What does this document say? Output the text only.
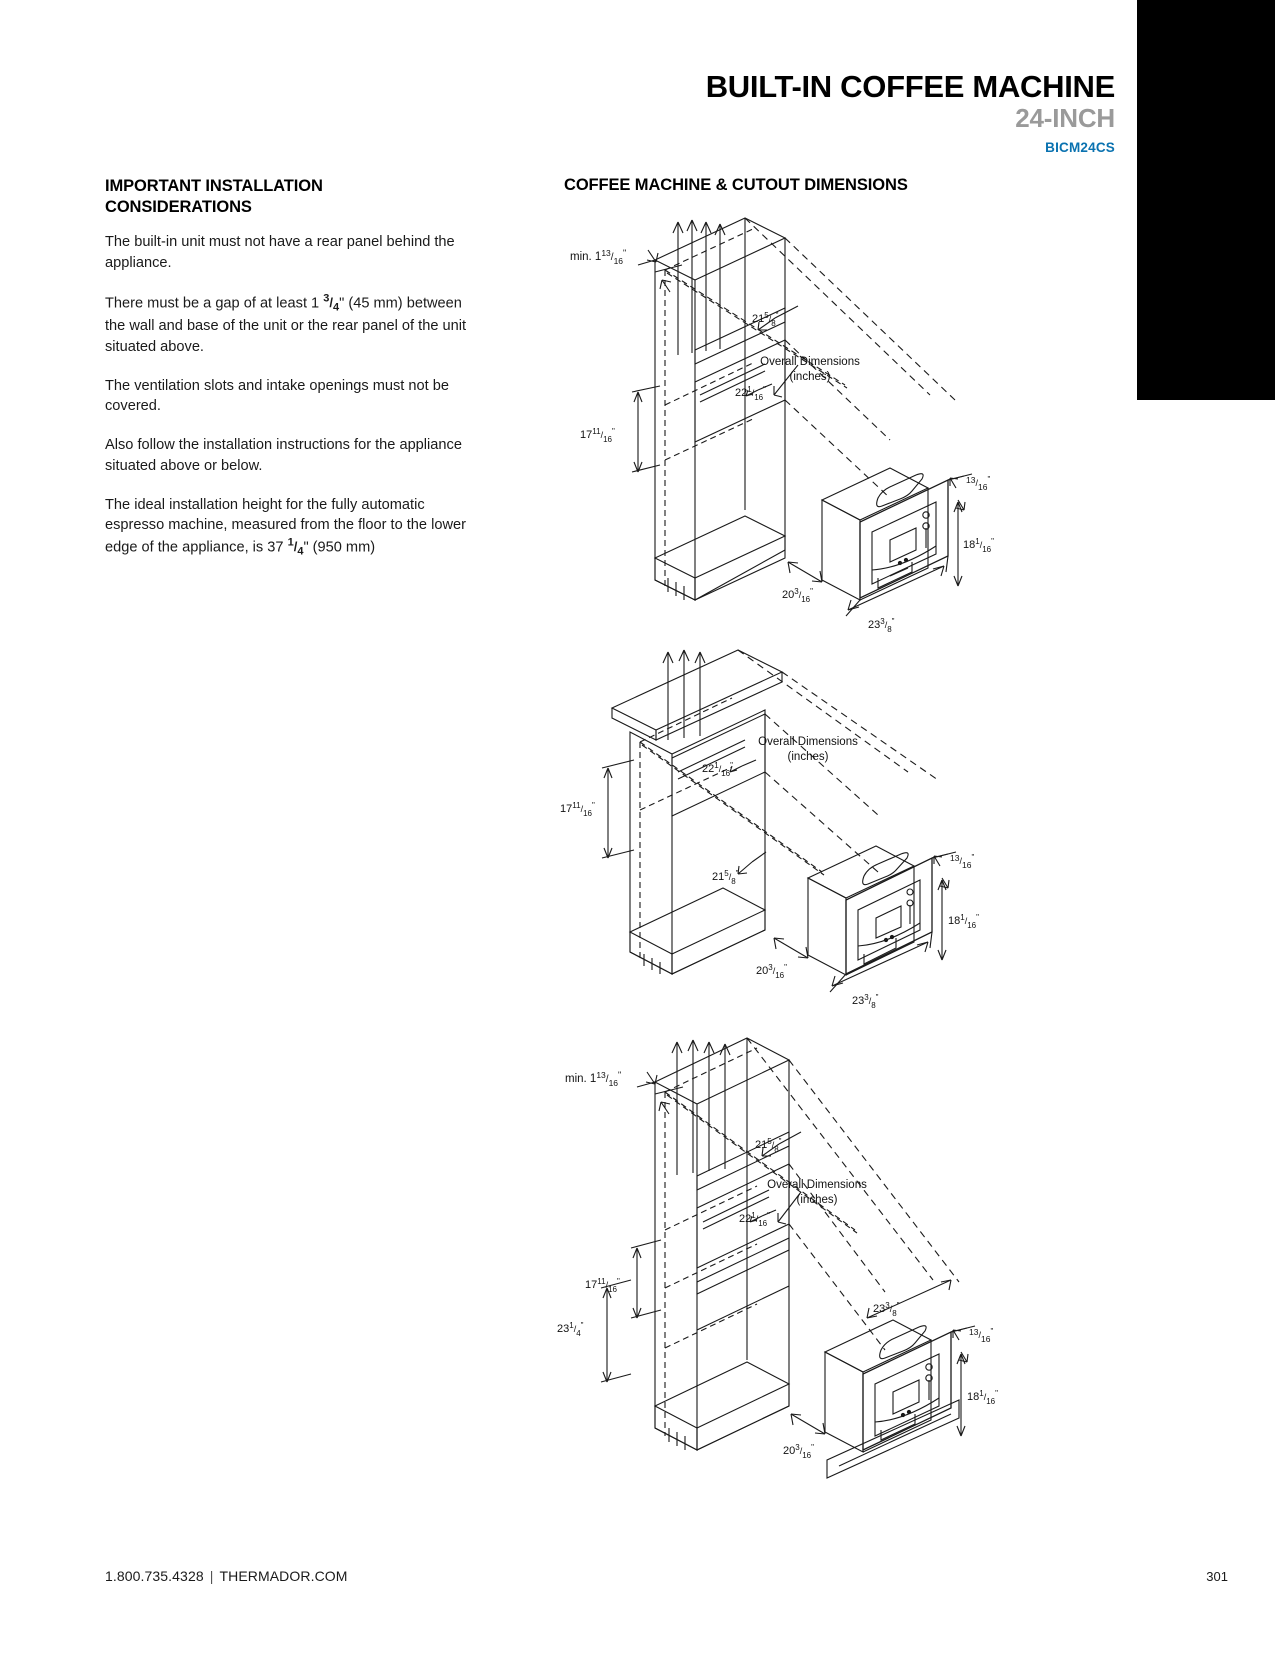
BUILT-IN COFFEE MACHINE
24-INCH
BICM24CS
IMPORTANT INSTALLATION CONSIDERATIONS

The built-in unit must not have a rear panel behind the appliance.

There must be a gap of at least 1 $^3/_4$" (45 mm) between the wall and base of the unit or the rear panel of the unit situated above.

The ventilation slots and intake openings must not be covered.

Also follow the installation instructions for the appliance situated above or below.

The ideal installation height for the fully automatic espresso machine, measured from the floor to the lower edge of the appliance, is 37 $^1/_4$" (950 mm)

COFFEE MACHINE & CUTOUT DIMENSIONS
min. $1^{13}/_{16}^"$
$21^5_{/8}^"$
$22^1_{/16}^"$
$17^{11}_{/16}^"$
Overall Dimensions
(inches)
$^{13}/_{16}^"$
$18^1_{/16}^"$
$20^3_{/16}^"$
$23^3_{/8}^"$
$22^1_{/16}^"$
$17^{11}_{/16}^"$
$21^5_{/8}^"$
Overall Dimensions
(inches)
$^{13}/_{16}^"$
$18^1_{/16}^"$
$20^3_{/16}^"$
$23^3_{/8}^"$
min. $1^{13}/_{16}^"$
$21^5_{/8}^"$
$22^1_{/16}^"$
$17^{11}_{/16}^"$
$23^1_{/4}^"$
Overall Dimensions
(inches)
$23^3_{/8}^"$
$^{13}/_{16}^"$
$18^1_{/16}^"$
$20^3_{/16}^"$
1.800.735.4328 | THERMADOR.COM	301
